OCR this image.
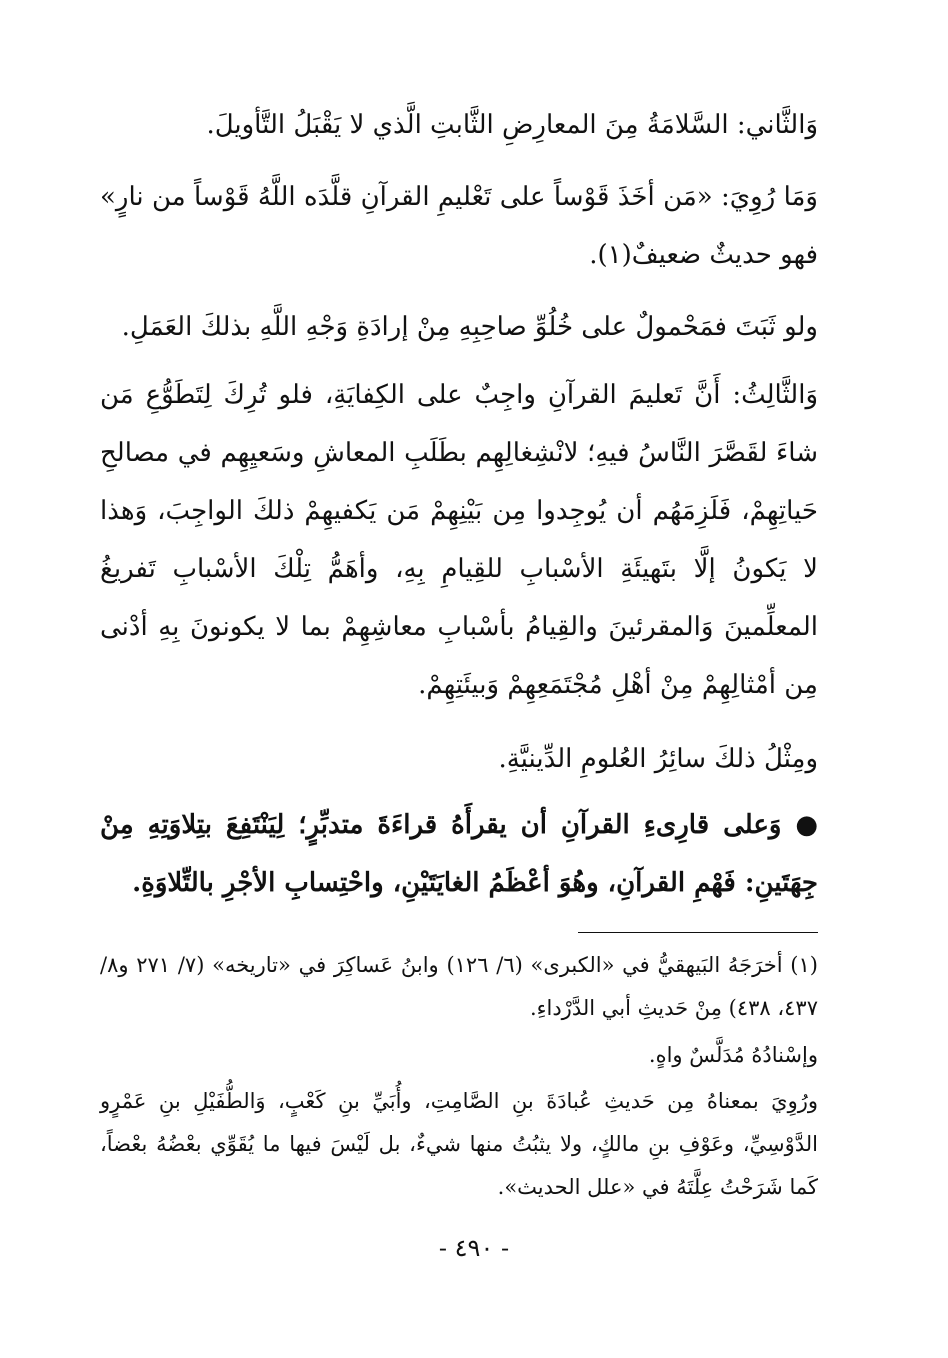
وَالثَّاني: السَّلامَةُ مِنَ المعارِضِ الثَّابتِ الَّذي لا يَقْبَلُ التَّأويلَ.

وَمَا رُوِيَ: «مَن أخَذَ قَوْساً على تَعْليمِ القرآنِ قلَّدَه اللَّهُ قَوْساً من نارٍ» فهو حديثٌ ضعيفٌ(١).

ولو ثَبَتَ فمَحْمولٌ على خُلُوِّ صاحِبِهِ مِنْ إرادَةِ وَجْهِ اللَّهِ بذلكَ العَمَلِ.

وَالثَّالِثُ: أَنَّ تَعليمَ القرآنِ واجِبٌ على الكِفايَةِ، فلو تُرِكَ لِتَطَوُّعِ مَن شاءَ لقَصَّرَ النَّاسُ فيهِ؛ لانْشِغالِهِم بطَلَبِ المعاشِ وسَعيِهِم في مصالحِ حَياتِهِمْ، فَلَزِمَهُم أن يُوجِدوا مِن بَيْنِهِمْ مَن يَكفيهِمْ ذلكَ الواجِبَ، وَهذا لا يَكونُ إلَّا بتَهيئَةِ الأسْبابِ للقِيامِ بِهِ، وأهَمُّ تِلْكَ الأسْبابِ تَفريغُ المعلِّمينَ وَالمقرئينَ والقِيامُ بأسْبابِ معاشِهِمْ بما لا يكونونَ بِهِ أدْنى مِن أمْثالِهِمْ مِنْ أهْلِ مُجْتَمَعِهِمْ وَبيئَتِهِمْ.

ومِثْلُ ذلكَ سائِرُ العُلومِ الدِّينيَّةِ.

● وَعلى قارِىءِ القرآنِ أن يقرأَهُ قراءَةَ متدبِّرٍ؛ لِيَنْتَفِعَ بتِلاوَتِهِ مِنْ جِهَتَينِ: فَهْمِ القرآنِ، وهُوَ أعْظَمُ الغايَتَيْنِ، واحْتِسابِ الأجْرِ بالتِّلاوَةِ.

(١) أخرَجَهُ البَيهقيُّ في «الكبرى» (٦/ ١٢٦) وابنُ عَساكِرَ في «تاريخه» (٧/ ٢٧١ و٨/ ٤٣٧، ٤٣٨) مِنْ حَديثِ أبي الدَّرْداءِ.

وإسْنادُهُ مُدَلَّسٌ واهٍ.

ورُوِيَ بمعناهُ مِن حَديثِ عُبادَةَ بنِ الصَّامِتِ، وأُبَيِّ بنِ كَعْبٍ، وَالطُّفَيْلِ بنِ عَمْرٍو الدَّوْسِيِّ، وعَوْفِ بنِ مالكٍ، ولا يثبُتُ منها شيءٌ، بل لَيْسَ فيها ما يُقَوِّي بعْضُهُ بعْضاً، كَما شَرَحْتُ عِلَّتَهُ في «علل الحديث».

- ٤٩٠ -
